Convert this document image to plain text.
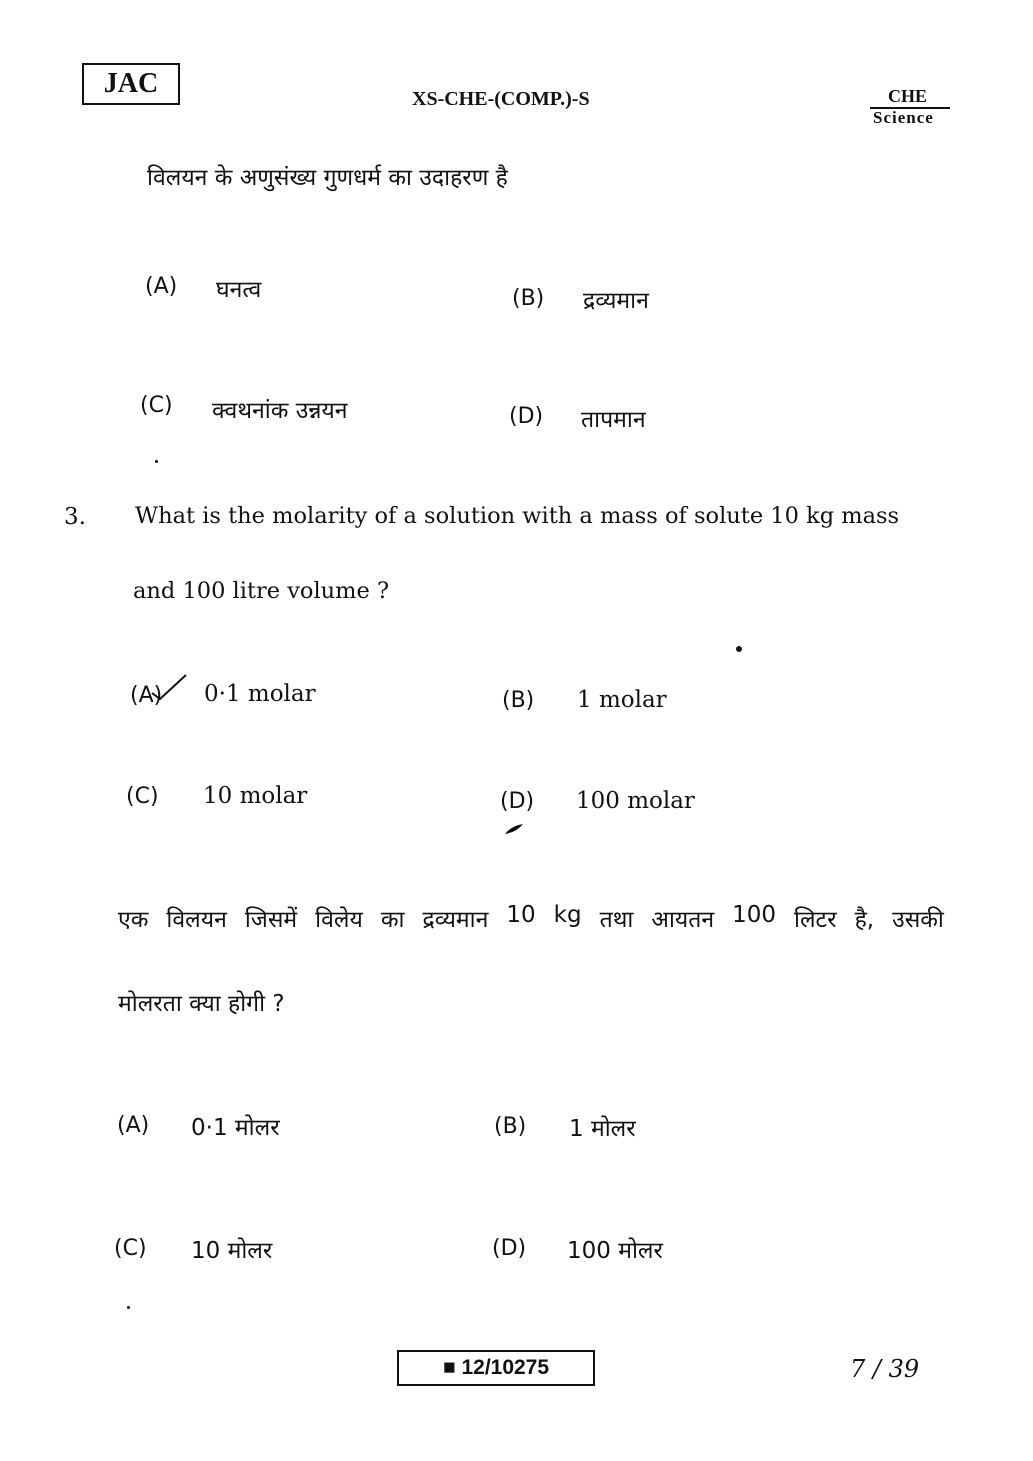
JAC	XS-CHE-(COMP.)-S	CHE
Science
विलयन के अणुसंख्य गुणधर्म का उदाहरण है
(A) घनत्व	(B) द्रव्यमान
(C) क्वथनांक उन्नयन	(D) तापमान
3. What is the molarity of a solution with a mass of solute 10 kg mass
and 100 litre volume ?
(A) 0·1 molar	(B) 1 molar
(C) 10 molar	(D) 100 molar
एक विलयन जिसमें विलेय का द्रव्यमान 10 kg तथा आयतन 100 लिटर है, उसकी
मोलरता क्या होगी ?
(A) 0·1 मोलर	(B) 1 मोलर
(C) 10 मोलर	(D) 100 मोलर
■ 12/10275	7 / 39
